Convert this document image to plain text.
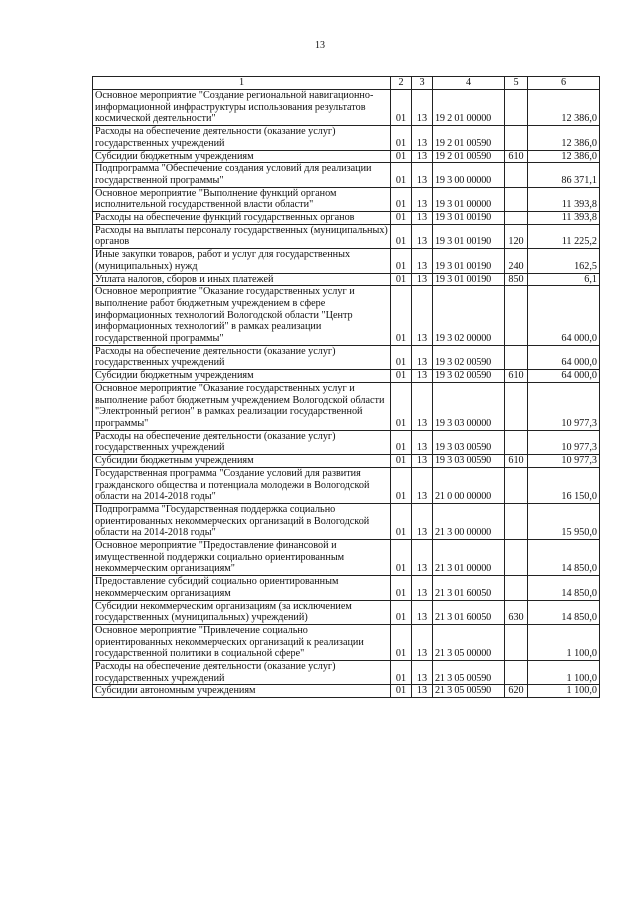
13
1	2	3	4	5	6
Основное мероприятие "Создание региональной навигационно-информационной инфраструктуры использования результатов космической деятельности"	01	13	19 2 01 00000		12 386,0
Расходы на обеспечение деятельности (оказание услуг) государственных учреждений	01	13	19 2 01 00590		12 386,0
Субсидии бюджетным учреждениям	01	13	19 2 01 00590	610	12 386,0
Подпрограмма "Обеспечение создания условий для реализации государственной программы"	01	13	19 3 00 00000		86 371,1
Основное мероприятие "Выполнение функций органом исполнительной государственной власти области"	01	13	19 3 01 00000		11 393,8
Расходы на обеспечение функций государственных органов	01	13	19 3 01 00190		11 393,8
Расходы на выплаты персоналу государственных (муниципальных) органов	01	13	19 3 01 00190	120	11 225,2
Иные закупки товаров, работ и услуг для государственных (муниципальных) нужд	01	13	19 3 01 00190	240	162,5
Уплата налогов, сборов и иных платежей	01	13	19 3 01 00190	850	6,1
Основное мероприятие "Оказание государственных услуг и выполнение работ бюджетным учреждением в сфере информационных технологий Вологодской области "Центр информационных технологий" в рамках реализации государственной программы"	01	13	19 3 02 00000		64 000,0
Расходы на обеспечение деятельности (оказание услуг) государственных учреждений	01	13	19 3 02 00590		64 000,0
Субсидии бюджетным учреждениям	01	13	19 3 02 00590	610	64 000,0
Основное мероприятие "Оказание государственных услуг и выполнение работ бюджетным учреждением Вологодской области "Электронный регион" в рамках реализации государственной программы"	01	13	19 3 03 00000		10 977,3
Расходы на обеспечение деятельности (оказание услуг) государственных учреждений	01	13	19 3 03 00590		10 977,3
Субсидии бюджетным учреждениям	01	13	19 3 03 00590	610	10 977,3
Государственная программа "Создание условий для развития гражданского общества и потенциала молодежи в Вологодской области на 2014-2018 годы"	01	13	21 0 00 00000		16 150,0
Подпрограмма "Государственная поддержка социально ориентированных некоммерческих организаций в Вологодской области на 2014-2018 годы"	01	13	21 3 00 00000		15 950,0
Основное мероприятие "Предоставление финансовой и имущественной поддержки социально ориентированным некоммерческим организациям"	01	13	21 3 01 00000		14 850,0
Предоставление субсидий социально ориентированным некоммерческим организациям	01	13	21 3 01 60050		14 850,0
Субсидии некоммерческим организациям (за исключением государственных (муниципальных) учреждений)	01	13	21 3 01 60050	630	14 850,0
Основное мероприятие "Привлечение социально ориентированных некоммерческих организаций к реализации государственной политики в социальной сфере"	01	13	21 3 05 00000		1 100,0
Расходы на обеспечение деятельности (оказание услуг) государственных учреждений	01	13	21 3 05 00590		1 100,0
Субсидии автономным учреждениям	01	13	21 3 05 00590	620	1 100,0
